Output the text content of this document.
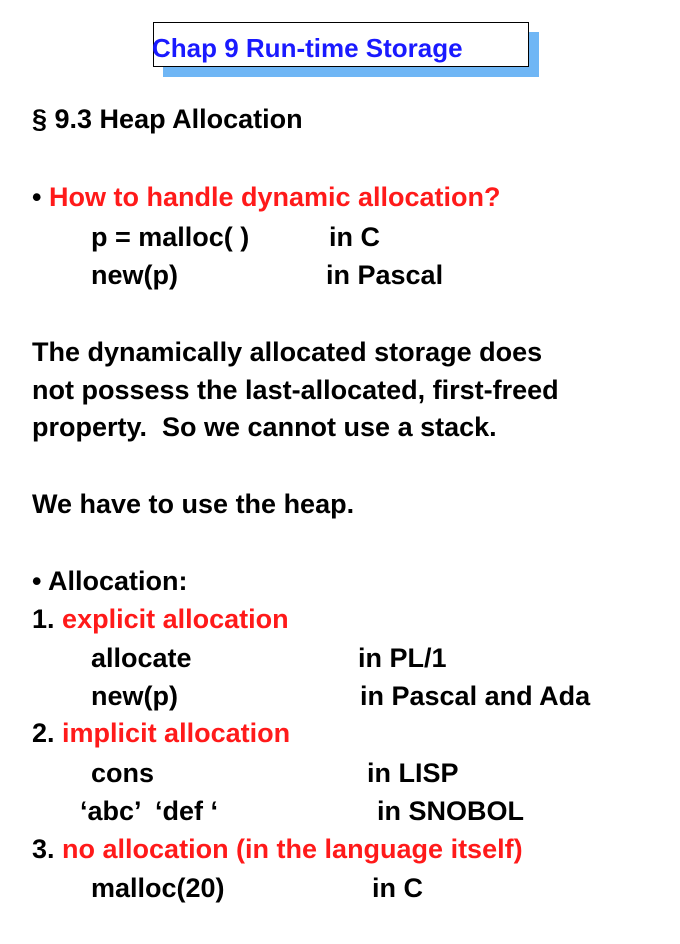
Chap 9 Run-time Storage
§ 9.3 Heap Allocation
• How to handle dynamic allocation?
p = malloc( )	in C
new(p)	in Pascal
The dynamically allocated storage does
not possess the last-allocated, first-freed
property.  So we cannot use a stack.
We have to use the heap.
• Allocation:
1. explicit allocation
allocate	in PL/1
new(p)	in Pascal and Ada
2. implicit allocation
cons	in LISP
‘abc’  ‘def ‘	in SNOBOL
3. no allocation (in the language itself)
malloc(20)	in C
